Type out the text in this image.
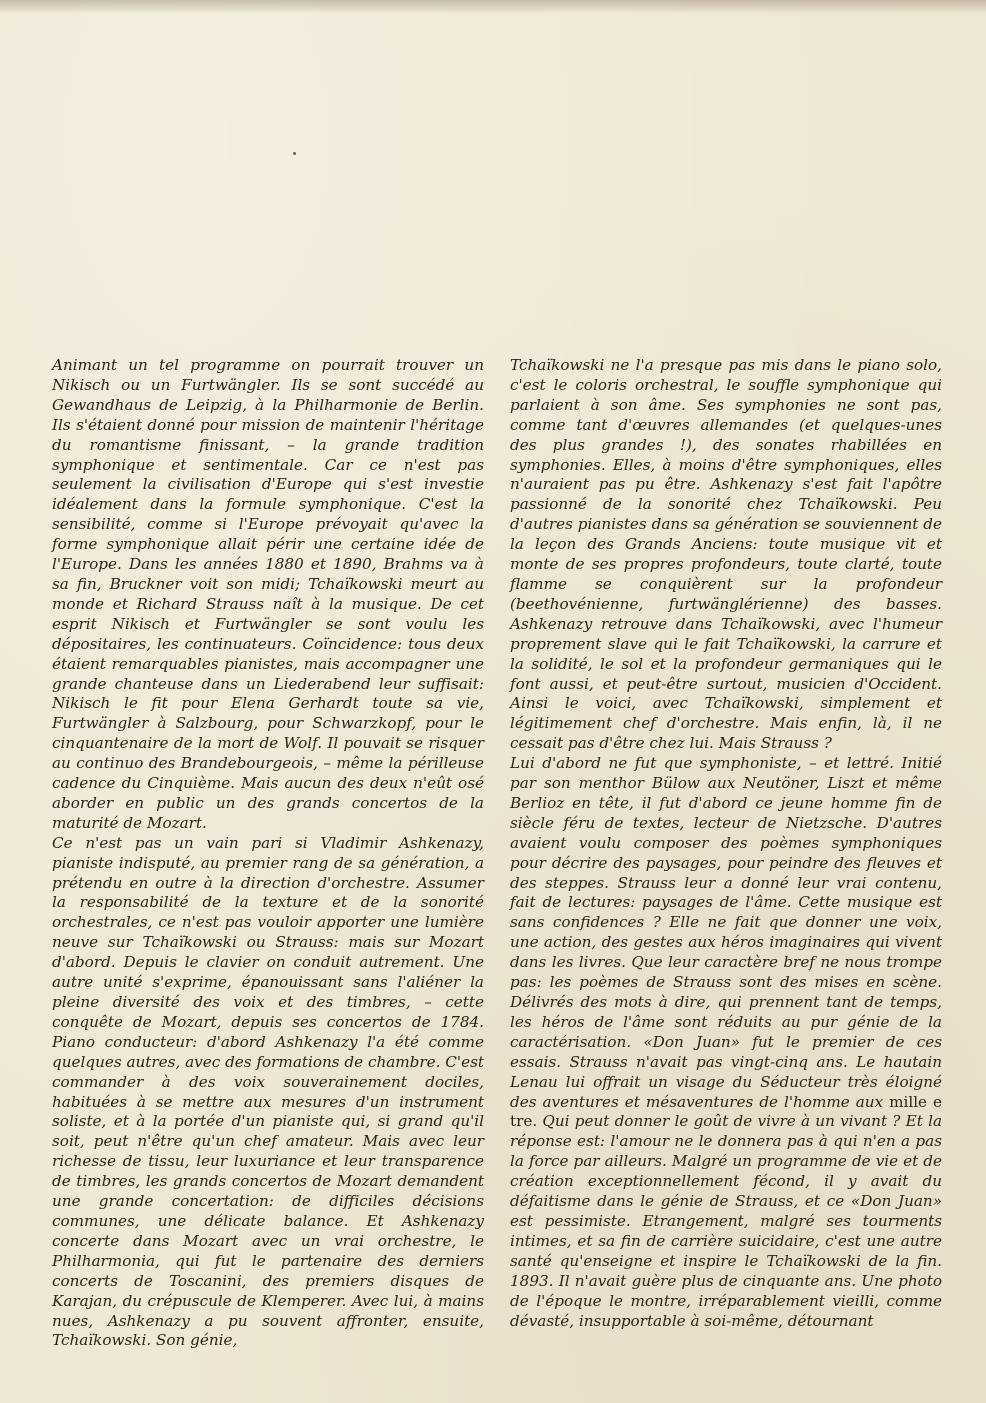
Animant un tel programme on pourrait trouver un Nikisch ou un Furtwängler. Ils se sont succédé au Gewandhaus de Leipzig, à la Philharmonie de Berlin. Ils s'étaient donné pour mission de maintenir l'héritage du romantisme finissant, – la grande tradition symphonique et sentimentale. Car ce n'est pas seulement la civilisation d'Europe qui s'est investie idéalement dans la formule symphonique. C'est la sensibilité, comme si l'Europe prévoyait qu'avec la forme symphonique allait périr une certaine idée de l'Europe. Dans les années 1880 et 1890, Brahms va à sa fin, Bruckner voit son midi; Tchaïkowski meurt au monde et Richard Strauss naît à la musique. De cet esprit Nikisch et Furtwängler se sont voulu les dépositaires, les continuateurs. Coïncidence: tous deux étaient remarquables pianistes, mais accompagner une grande chanteuse dans un Liederabend leur suffisait: Nikisch le fit pour Elena Gerhardt toute sa vie, Furtwängler à Salzbourg, pour Schwarzkopf, pour le cinquantenaire de la mort de Wolf. Il pouvait se risquer au continuo des Brandebourgeois, – même la périlleuse cadence du Cinquième. Mais aucun des deux n'eût osé aborder en public un des grands concertos de la maturité de Mozart.

Ce n'est pas un vain pari si Vladimir Ashkenazy, pianiste indisputé, au premier rang de sa génération, a prétendu en outre à la direction d'orchestre. Assumer la responsabilité de la texture et de la sonorité orchestrales, ce n'est pas vouloir apporter une lumière neuve sur Tchaïkowski ou Strauss: mais sur Mozart d'abord. Depuis le clavier on conduit autrement. Une autre unité s'exprime, épanouissant sans l'aliéner la pleine diversité des voix et des timbres, – cette conquête de Mozart, depuis ses concertos de 1784. Piano conducteur: d'abord Ashkenazy l'a été comme quelques autres, avec des formations de chambre. C'est commander à des voix souverainement dociles, habituées à se mettre aux mesures d'un instrument soliste, et à la portée d'un pianiste qui, si grand qu'il soit, peut n'être qu'un chef amateur. Mais avec leur richesse de tissu, leur luxuriance et leur transparence de timbres, les grands concertos de Mozart demandent une grande concertation: de difficiles décisions communes, une délicate balance. Et Ashkenazy concerte dans Mozart avec un vrai orchestre, le Philharmonia, qui fut le partenaire des derniers concerts de Toscanini, des premiers disques de Karajan, du crépuscule de Klemperer. Avec lui, à mains nues, Ashkenazy a pu souvent affronter, ensuite, Tchaïkowski. Son génie,

Tchaïkowski ne l'a presque pas mis dans le piano solo, c'est le coloris orchestral, le souffle symphonique qui parlaient à son âme. Ses symphonies ne sont pas, comme tant d'œuvres allemandes (et quelques-unes des plus grandes !), des sonates rhabillées en symphonies. Elles, à moins d'être symphoniques, elles n'auraient pas pu être. Ashkenazy s'est fait l'apôtre passionné de la sonorité chez Tchaïkowski. Peu d'autres pianistes dans sa génération se souviennent de la leçon des Grands Anciens: toute musique vit et monte de ses propres profondeurs, toute clarté, toute flamme se conquièrent sur la profondeur (beethovénienne, furtwänglérienne) des basses. Ashkenazy retrouve dans Tchaïkowski, avec l'humeur proprement slave qui le fait Tchaïkowski, la carrure et la solidité, le sol et la profondeur germaniques qui le font aussi, et peut-être surtout, musicien d'Occident. Ainsi le voici, avec Tchaïkowski, simplement et légitimement chef d'orchestre. Mais enfin, là, il ne cessait pas d'être chez lui. Mais Strauss ?

Lui d'abord ne fut que symphoniste, – et lettré. Initié par son menthor Bülow aux Neutöner, Liszt et même Berlioz en tête, il fut d'abord ce jeune homme fin de siècle féru de textes, lecteur de Nietzsche. D'autres avaient voulu composer des poèmes symphoniques pour décrire des paysages, pour peindre des fleuves et des steppes. Strauss leur a donné leur vrai contenu, fait de lectures: paysages de l'âme. Cette musique est sans confidences ? Elle ne fait que donner une voix, une action, des gestes aux héros imaginaires qui vivent dans les livres. Que leur caractère bref ne nous trompe pas: les poèmes de Strauss sont des mises en scène. Délivrés des mots à dire, qui prennent tant de temps, les héros de l'âme sont réduits au pur génie de la caractérisation. «Don Juan» fut le premier de ces essais. Strauss n'avait pas vingt-cinq ans. Le hautain Lenau lui offrait un visage du Séducteur très éloigné des aventures et mésaventures de l'homme aux mille e tre. Qui peut donner le goût de vivre à un vivant ? Et la réponse est: l'amour ne le donnera pas à qui n'en a pas la force par ailleurs. Malgré un programme de vie et de création exceptionnellement fécond, il y avait du défaitisme dans le génie de Strauss, et ce «Don Juan» est pessimiste. Etrangement, malgré ses tourments intimes, et sa fin de carrière suicidaire, c'est une autre santé qu'enseigne et inspire le Tchaïkowski de la fin. 1893. Il n'avait guère plus de cinquante ans. Une photo de l'époque le montre, irréparablement vieilli, comme dévasté, insupportable à soi-même, détournant
